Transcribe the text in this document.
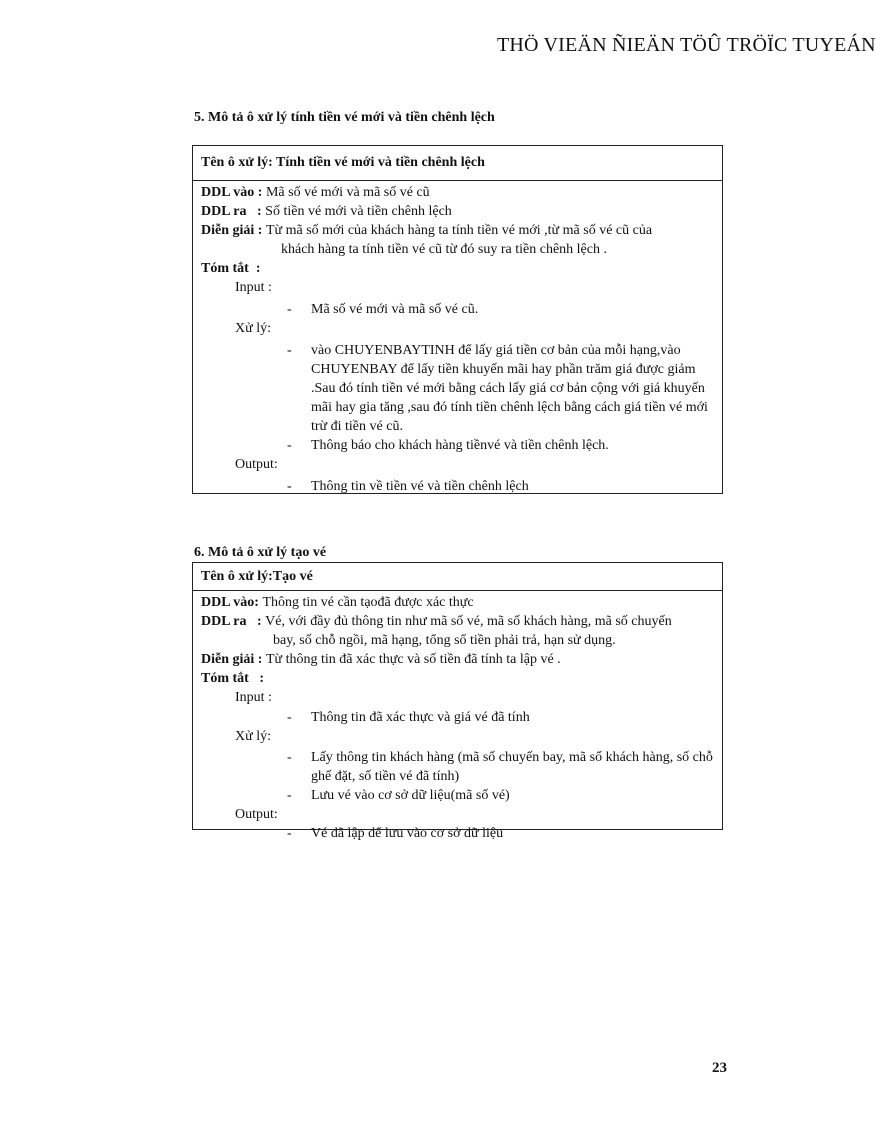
THÖ VIEÄN ÑIEÄN TÖÛ TRÖÏC TUYEÁN
5. Mô tả ô xử lý tính tiền vé mới và tiền chênh lệch
Tên ô xử lý: Tính tiền vé mới và tiền chênh lệch
DDL vào : Mã số vé mới và mã số vé cũ
DDL ra   : Số tiền vé mới và tiền chênh lệch
Diễn giải : Từ mã số mới của khách hàng ta tính tiền vé mới ,từ mã số vé cũ của
khách hàng ta tính tiền vé cũ từ đó suy ra tiền chênh lệch .
Tóm tắt  :
Input :
-	Mã số vé mới và mã số vé cũ.
Xử lý:
-	vào CHUYENBAYTINH để lấy giá tiền cơ bản của mỗi hạng,vào CHUYENBAY để lấy tiền khuyến mãi hay phần trăm giá được giảm .Sau đó tính tiền vé mới bằng cách lấy giá cơ bản cộng với giá khuyến mãi hay gia tăng ,sau đó tính tiền chênh lệch bằng cách giá tiền vé mới trừ đi tiền vé cũ.
-	Thông báo cho khách hàng tiềnvé và tiền chênh lệch.
Output:
-	Thông tin về tiền vé và tiền chênh lệch
6. Mô tả ô xử lý tạo vé
Tên ô xử lý:Tạo vé
DDL vào: Thông tin vé cần tạođã được xác thực
DDL ra   : Vé, với đầy đủ thông tin như mã số vé, mã số khách hàng, mã số chuyến
bay, số chỗ ngồi, mã hạng, tổng số tiền phải trả, hạn sử dụng.
Diễn giải : Từ thông tin đã xác thực và số tiền đã tính ta lập vé .
Tóm tắt   :
Input :
-	Thông tin đã xác thực và giá vé đã tính
Xử lý:
-	Lấy thông tin khách hàng (mã số chuyến bay, mã số khách hàng, số chỗ ghế đặt, số tiền vé đã tính)
-	Lưu vé vào cơ sở dữ liệu(mã số vé)
Output:
-	Vé đã lập để lưu vào cơ sở dữ liệu
23
